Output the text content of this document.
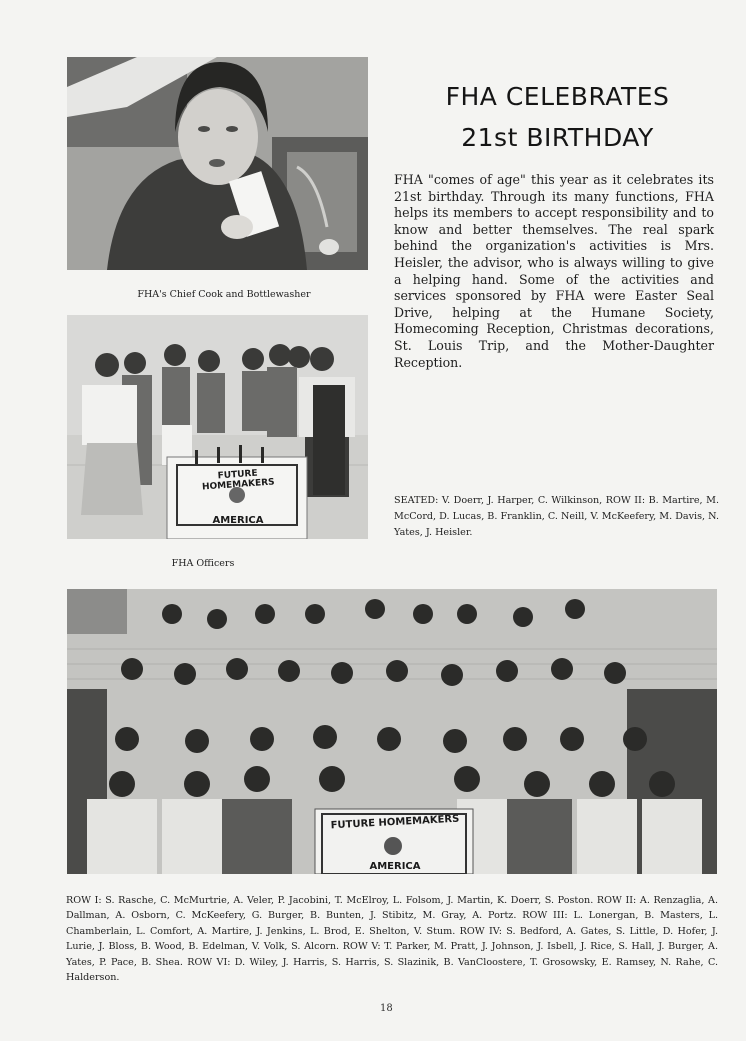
FHA's Chief Cook and Bottlewasher
FUTURE HOMEMAKERS
AMERICA
FHA Officers
FHA CELEBRATES
21st BIRTHDAY
FHA "comes of age" this year as it celebrates its 21st birthday. Through its many functions, FHA helps its members to accept responsibility and to know and better themselves. The real spark behind the organization's activities is Mrs. Heisler, the advisor, who is always willing to give a helping hand. Some of the activities and services sponsored by FHA were Easter Seal Drive, helping at the Humane Society, Homecoming Reception, Christmas decorations, St. Louis Trip, and the Mother-Daughter Reception.
SEATED: V. Doerr, J. Harper, C. Wilkinson, ROW II: B. Martire, M. McCord, D. Lucas, B. Franklin, C. Neill, V. McKeefery, M. Davis, N. Yates, J. Heisler.
FUTURE HOMEMAKERS
AMERICA
ROW I: S. Rasche, C. McMurtrie, A. Veler, P. Jacobini, T. McElroy, L. Folsom, J. Martin, K. Doerr, S. Poston. ROW II: A. Renzaglia, A. Dallman, A. Osborn, C. McKeefery, G. Burger, B. Bunten, J. Stibitz, M. Gray, A. Portz. ROW III: L. Lonergan, B. Masters, L. Chamberlain, L. Comfort, A. Martire, J. Jenkins, L. Brod, E. Shelton, V. Stum. ROW IV: S. Bedford, A. Gates, S. Little, D. Hofer, J. Lurie, J. Bloss, B. Wood, B. Edelman, V. Volk, S. Alcorn. ROW V: T. Parker, M. Pratt, J. Johnson, J. Isbell, J. Rice, S. Hall, J. Burger, A. Yates, P. Pace, B. Shea. ROW VI: D. Wiley, J. Harris, S. Harris, S. Slazinik, B. VanCloostere, T. Grosowsky, E. Ramsey, N. Rahe, C. Halderson.
18
